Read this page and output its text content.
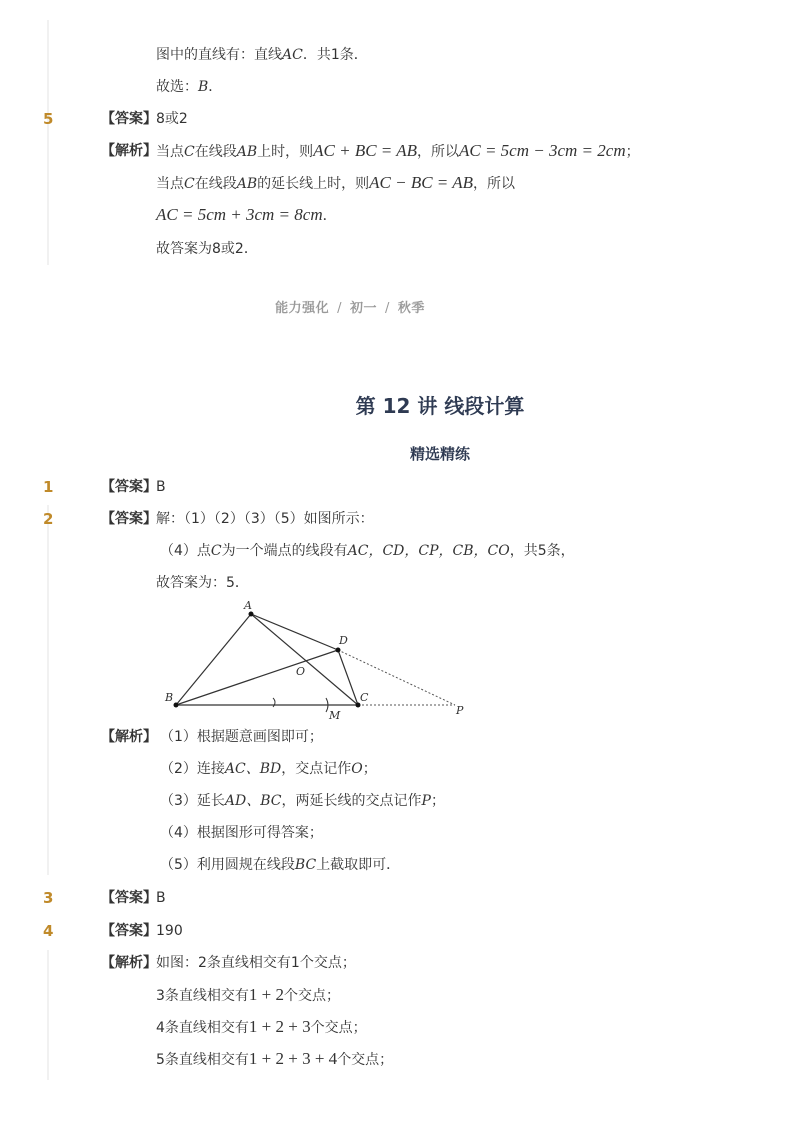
图中的直线有：直线AC．共1条．
故选：B．
5	【答案】 8或2
【解析】 当点C在线段AB上时，则AC + BC = AB，所以AC = 5cm − 3cm = 2cm；
当点C在线段AB的延长线上时，则AC − BC = AB，所以
AC = 5cm + 3cm = 8cm．
故答案为8或2．
能力强化 / 初一 / 秋季
第 12 讲 线段计算
精选精练
1	【答案】 B
2	【答案】 解：（1）（2）（3）（5）如图所示：
（4）点C为一个端点的线段有AC，CD，CP，CB，CO，共5条，
故答案为：5．
A
B	C
D
O
P
M
【解析】 （1）根据题意画图即可；
（2）连接AC、BD，交点记作O；
（3）延长AD、BC，两延长线的交点记作P；
（4）根据图形可得答案；
（5）利用圆规在线段BC上截取即可．
3	【答案】 B
4	【答案】 190
【解析】 如图：2条直线相交有1个交点；
3条直线相交有1 + 2个交点；
4条直线相交有1 + 2 + 3个交点；
5条直线相交有1 + 2 + 3 + 4个交点；
